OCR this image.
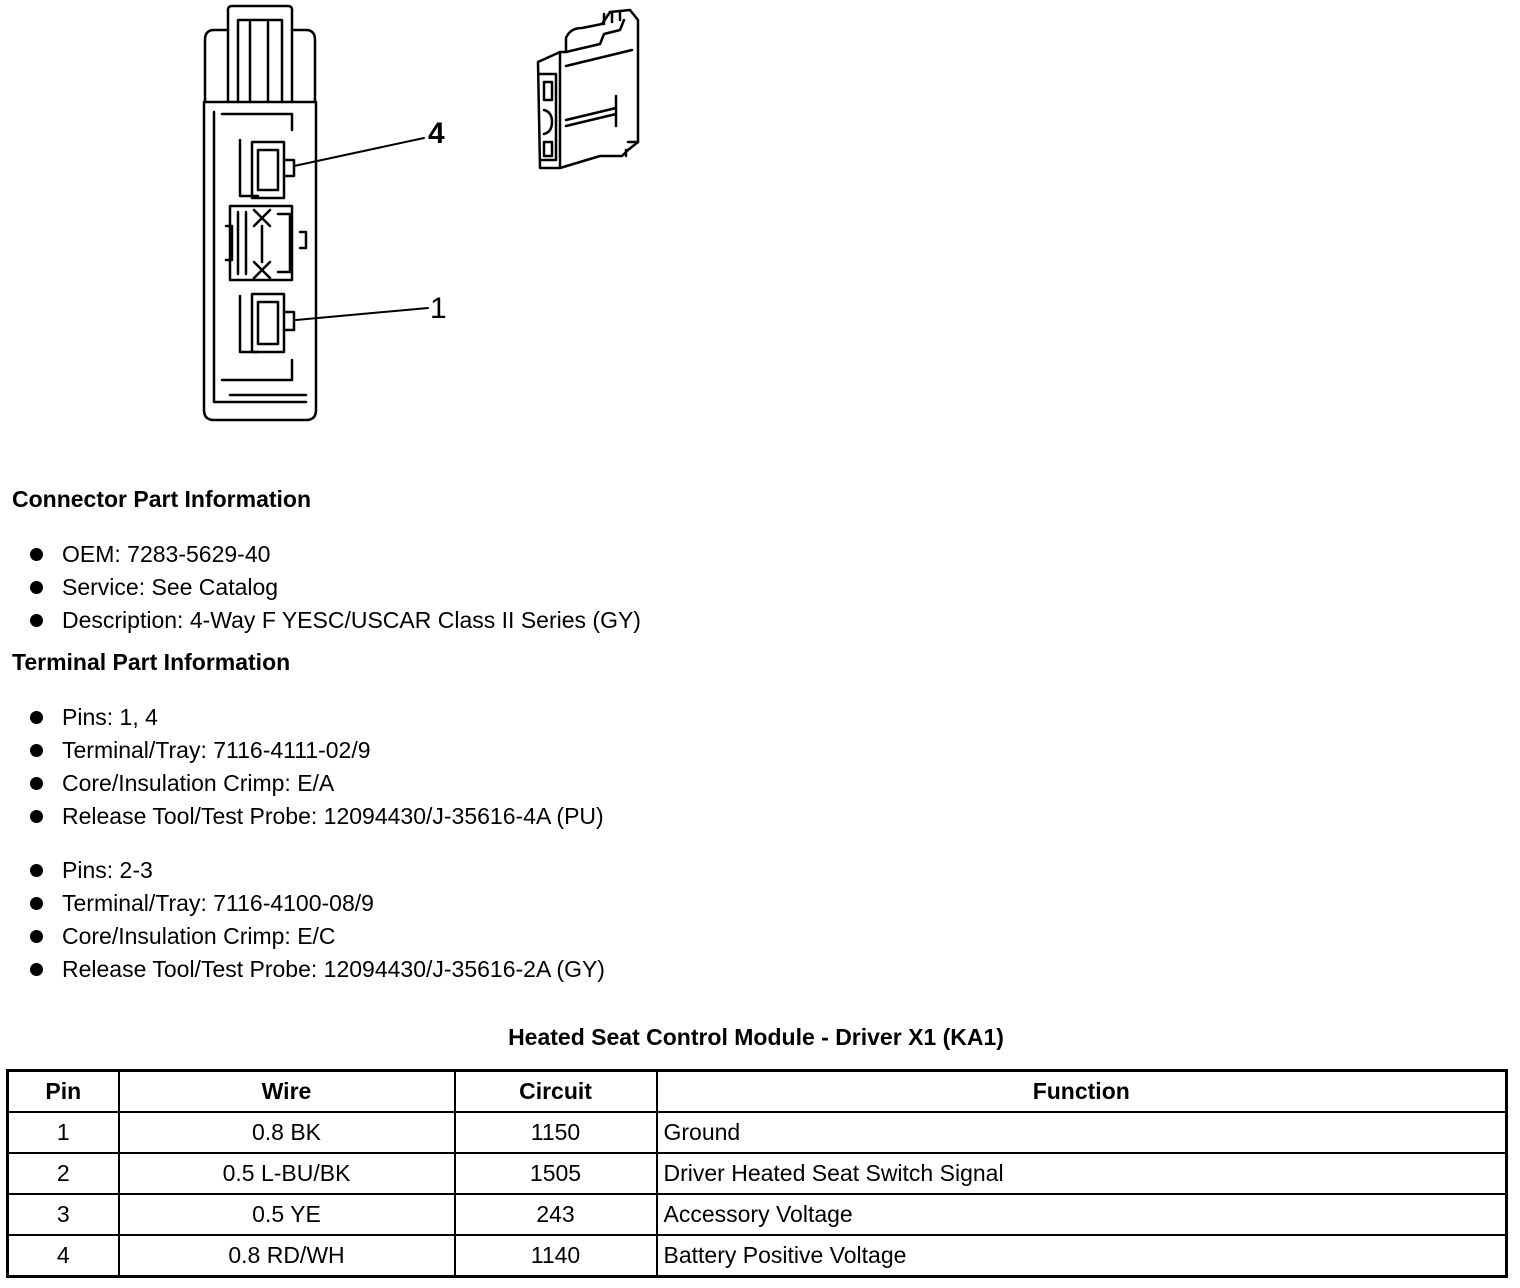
4
1
Connector Part Information
OEM: 7283-5629-40
Service: See Catalog
Description: 4-Way F YESC/USCAR Class II Series (GY)
Terminal Part Information
Pins: 1, 4
Terminal/Tray: 7116-4111-02/9
Core/Insulation Crimp: E/A
Release Tool/Test Probe: 12094430/J-35616-4A (PU)
Pins: 2-3
Terminal/Tray: 7116-4100-08/9
Core/Insulation Crimp: E/C
Release Tool/Test Probe: 12094430/J-35616-2A (GY)
Heated Seat Control Module - Driver X1 (KA1)
Pin	Wire	Circuit	Function
1	0.8 BK	1150	Ground
2	0.5 L-BU/BK	1505	Driver Heated Seat Switch Signal
3	0.5 YE	243	Accessory Voltage
4	0.8 RD/WH	1140	Battery Positive Voltage
